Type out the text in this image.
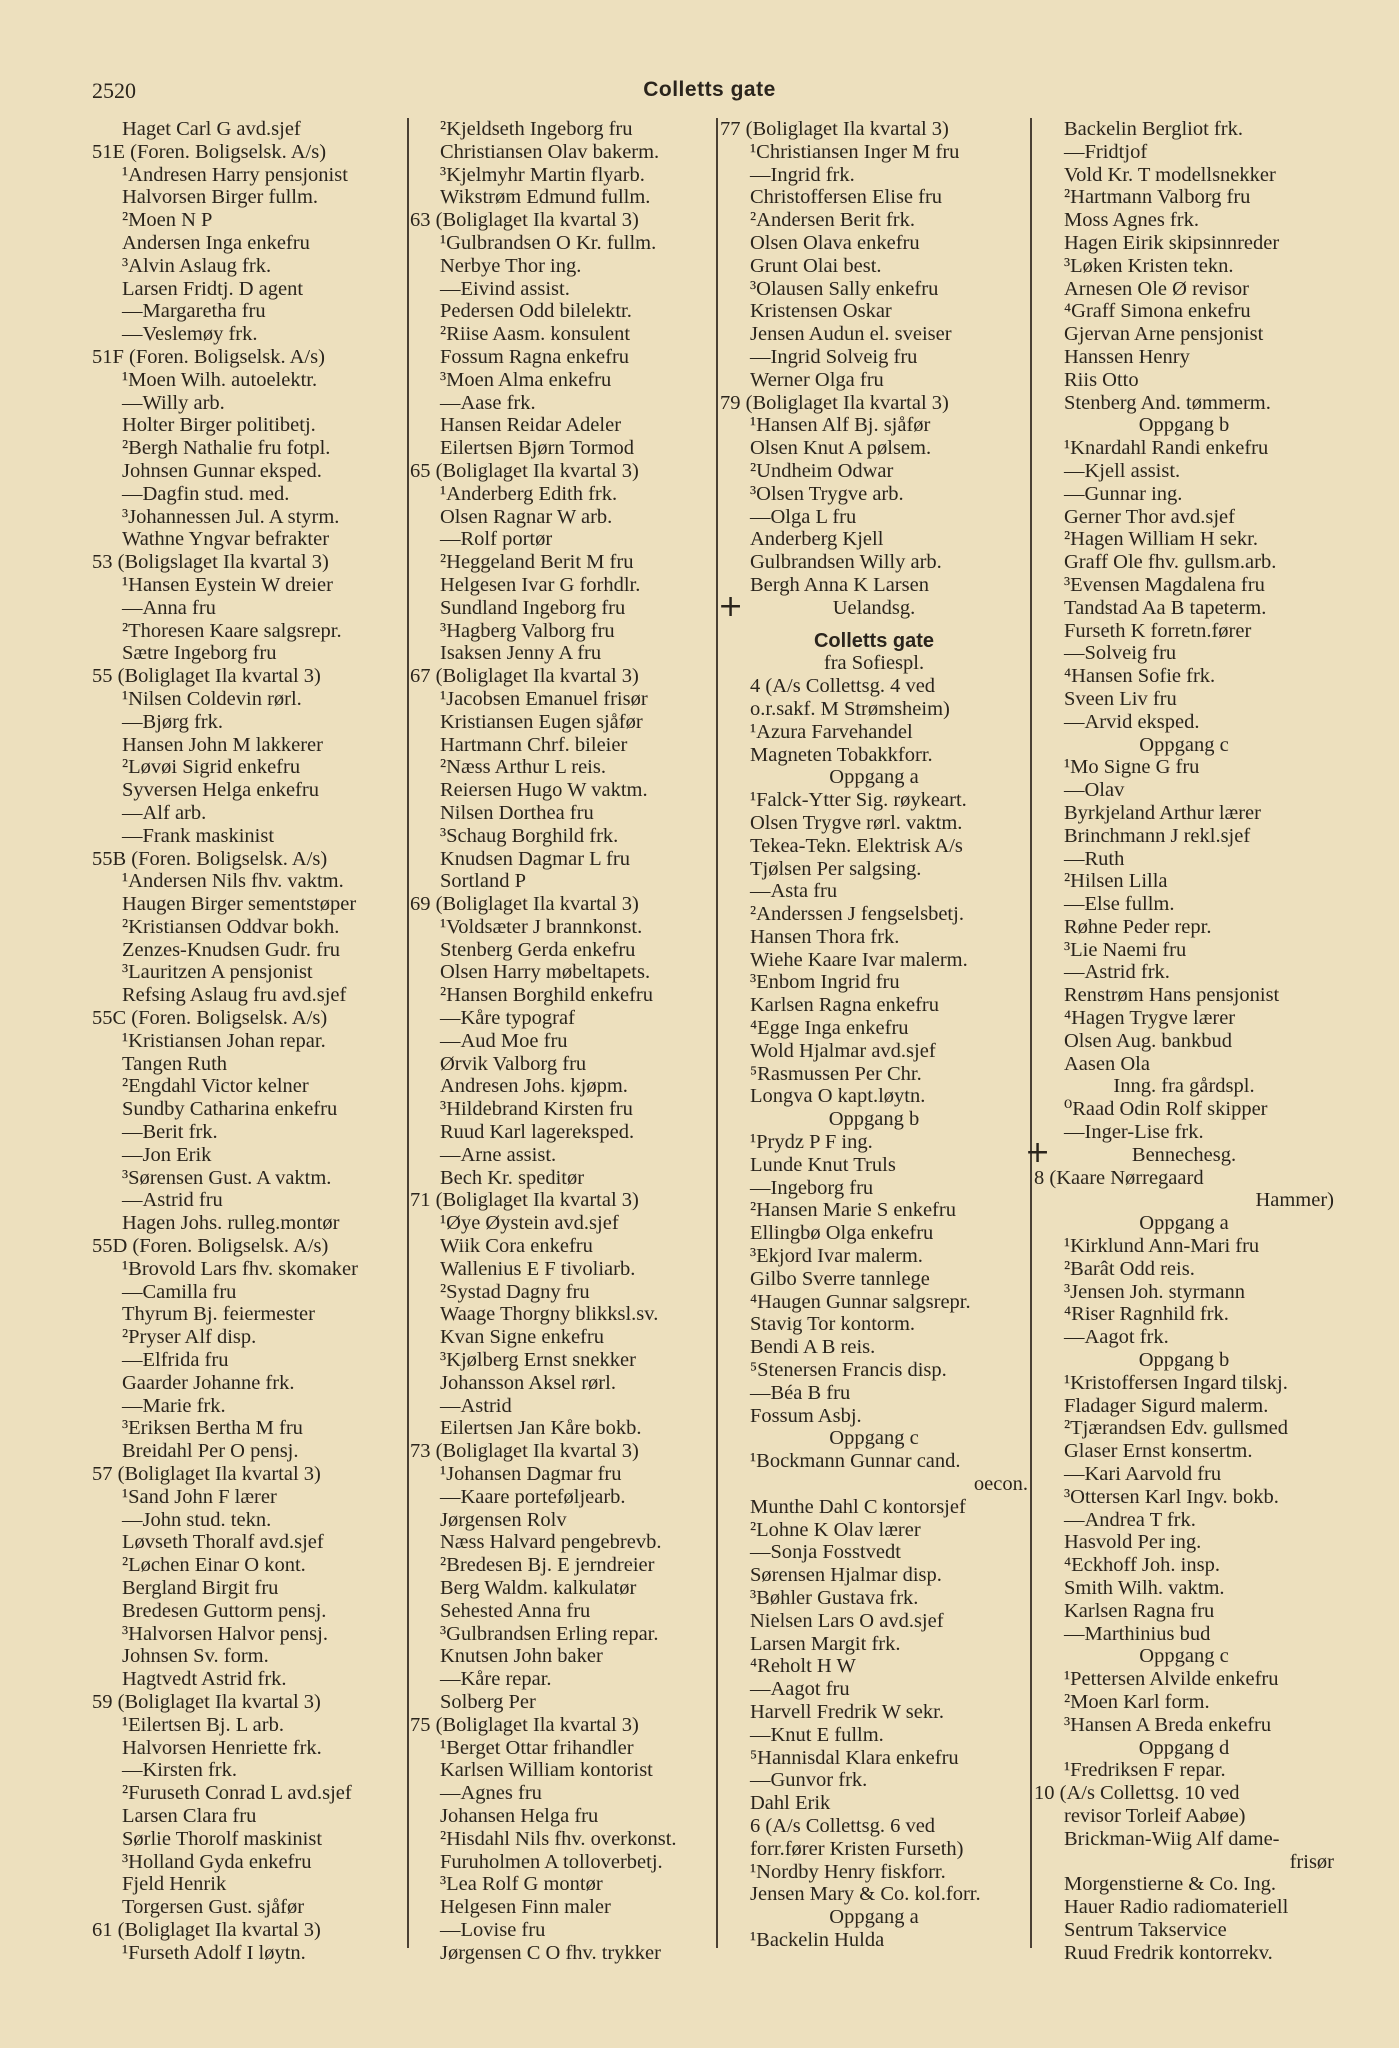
2520	Colletts gate
Haget Carl G avd.sjef
51E (Foren. Boligselsk. A/s)
¹Andresen Harry pensjonist
Halvorsen Birger fullm.
²Moen N P
Andersen Inga enkefru
³Alvin Aslaug frk.
Larsen Fridtj. D agent
—Margaretha fru
—Veslemøy frk.
51F (Foren. Boligselsk. A/s)
¹Moen Wilh. autoelektr.
—Willy arb.
Holter Birger politibetj.
²Bergh Nathalie fru fotpl.
Johnsen Gunnar eksped.
—Dagfin stud. med.
³Johannessen Jul. A styrm.
Wathne Yngvar befrakter
53 (Boligslaget Ila kvartal 3)
¹Hansen Eystein W dreier
—Anna fru
²Thoresen Kaare salgsrepr.
Sætre Ingeborg fru
55 (Boliglaget Ila kvartal 3)
¹Nilsen Coldevin rørl.
—Bjørg frk.
Hansen John M lakkerer
²Løvøi Sigrid enkefru
Syversen Helga enkefru
—Alf arb.
—Frank maskinist
55B (Foren. Boligselsk. A/s)
¹Andersen Nils fhv. vaktm.
Haugen Birger sementstøper
²Kristiansen Oddvar bokh.
Zenzes-Knudsen Gudr. fru
³Lauritzen A pensjonist
Refsing Aslaug fru avd.sjef
55C (Foren. Boligselsk. A/s)
¹Kristiansen Johan repar.
Tangen Ruth
²Engdahl Victor kelner
Sundby Catharina enkefru
—Berit frk.
—Jon Erik
³Sørensen Gust. A vaktm.
—Astrid fru
Hagen Johs. rulleg.montør
55D (Foren. Boligselsk. A/s)
¹Brovold Lars fhv. skomaker
—Camilla fru
Thyrum Bj. feiermester
²Pryser Alf disp.
—Elfrida fru
Gaarder Johanne frk.
—Marie frk.
³Eriksen Bertha M fru
Breidahl Per O pensj.
57 (Boliglaget Ila kvartal 3)
¹Sand John F lærer
—John stud. tekn.
Løvseth Thoralf avd.sjef
²Løchen Einar O kont.
Bergland Birgit fru
Bredesen Guttorm pensj.
³Halvorsen Halvor pensj.
Johnsen Sv. form.
Hagtvedt Astrid frk.
59 (Boliglaget Ila kvartal 3)
¹Eilertsen Bj. L arb.
Halvorsen Henriette frk.
—Kirsten frk.
²Furuseth Conrad L avd.sjef
Larsen Clara fru
Sørlie Thorolf maskinist
³Holland Gyda enkefru
Fjeld Henrik
Torgersen Gust. sjåfør
61 (Boliglaget Ila kvartal 3)
¹Furseth Adolf I løytn.
²Kjeldseth Ingeborg fru
Christiansen Olav bakerm.
³Kjelmyhr Martin flyarb.
Wikstrøm Edmund fullm.
63 (Boliglaget Ila kvartal 3)
¹Gulbrandsen O Kr. fullm.
Nerbye Thor ing.
—Eivind assist.
Pedersen Odd bilelektr.
²Riise Aasm. konsulent
Fossum Ragna enkefru
³Moen Alma enkefru
—Aase frk.
Hansen Reidar Adeler
Eilertsen Bjørn Tormod
65 (Boliglaget Ila kvartal 3)
¹Anderberg Edith frk.
Olsen Ragnar W arb.
—Rolf portør
²Heggeland Berit M fru
Helgesen Ivar G forhdlr.
Sundland Ingeborg fru
³Hagberg Valborg fru
Isaksen Jenny A fru
67 (Boliglaget Ila kvartal 3)
¹Jacobsen Emanuel frisør
Kristiansen Eugen sjåfør
Hartmann Chrf. bileier
²Næss Arthur L reis.
Reiersen Hugo W vaktm.
Nilsen Dorthea fru
³Schaug Borghild frk.
Knudsen Dagmar L fru
Sortland P
69 (Boliglaget Ila kvartal 3)
¹Voldsæter J brannkonst.
Stenberg Gerda enkefru
Olsen Harry møbeltapets.
²Hansen Borghild enkefru
—Kåre typograf
—Aud Moe fru
Ørvik Valborg fru
Andresen Johs. kjøpm.
³Hildebrand Kirsten fru
Ruud Karl lagereksped.
—Arne assist.
Bech Kr. speditør
71 (Boliglaget Ila kvartal 3)
¹Øye Øystein avd.sjef
Wiik Cora enkefru
Wallenius E F tivoliarb.
²Systad Dagny fru
Waage Thorgny blikksl.sv.
Kvan Signe enkefru
³Kjølberg Ernst snekker
Johansson Aksel rørl.
—Astrid
Eilertsen Jan Kåre bokb.
73 (Boliglaget Ila kvartal 3)
¹Johansen Dagmar fru
—Kaare porteføljearb.
Jørgensen Rolv
Næss Halvard pengebrevb.
²Bredesen Bj. E jerndreier
Berg Waldm. kalkulatør
Sehested Anna fru
³Gulbrandsen Erling repar.
Knutsen John baker
—Kåre repar.
Solberg Per
75 (Boliglaget Ila kvartal 3)
¹Berget Ottar frihandler
Karlsen William kontorist
—Agnes fru
Johansen Helga fru
²Hisdahl Nils fhv. overkonst.
Furuholmen A tolloverbetj.
³Lea Rolf G montør
Helgesen Finn maler
—Lovise fru
Jørgensen C O fhv. trykker
77 (Boliglaget Ila kvartal 3)
¹Christiansen Inger M fru
—Ingrid frk.
Christoffersen Elise fru
²Andersen Berit frk.
Olsen Olava enkefru
Grunt Olai best.
³Olausen Sally enkefru
Kristensen Oskar
Jensen Audun el. sveiser
—Ingrid Solveig fru
Werner Olga fru
79 (Boliglaget Ila kvartal 3)
¹Hansen Alf Bj. sjåfør
Olsen Knut A pølsem.
²Undheim Odwar
³Olsen Trygve arb.
—Olga L fru
Anderberg Kjell
Gulbrandsen Willy arb.
Bergh Anna K Larsen
Uelandsg.
Colletts gate
fra Sofiespl.
4 (A/s Collettsg. 4 ved
o.r.sakf. M Strømsheim)
¹Azura Farvehandel
Magneten Tobakkforr.
Oppgang a
¹Falck-Ytter Sig. røykeart.
Olsen Trygve rørl. vaktm.
Tekea-Tekn. Elektrisk A/s
Tjølsen Per salgsing.
—Asta fru
²Anderssen J fengselsbetj.
Hansen Thora frk.
Wiehe Kaare Ivar malerm.
³Enbom Ingrid fru
Karlsen Ragna enkefru
⁴Egge Inga enkefru
Wold Hjalmar avd.sjef
⁵Rasmussen Per Chr.
Longva O kapt.løytn.
Oppgang b
¹Prydz P F ing.
Lunde Knut Truls
—Ingeborg fru
²Hansen Marie S enkefru
Ellingbø Olga enkefru
³Ekjord Ivar malerm.
Gilbo Sverre tannlege
⁴Haugen Gunnar salgsrepr.
Stavig Tor kontorm.
Bendi A B reis.
⁵Stenersen Francis disp.
—Béa B fru
Fossum Asbj.
Oppgang c
¹Bockmann Gunnar cand.
oecon.
Munthe Dahl C kontorsjef
²Lohne K Olav lærer
—Sonja Fosstvedt
Sørensen Hjalmar disp.
³Bøhler Gustava frk.
Nielsen Lars O avd.sjef
Larsen Margit frk.
⁴Reholt H W
—Aagot fru
Harvell Fredrik W sekr.
—Knut E fullm.
⁵Hannisdal Klara enkefru
—Gunvor frk.
Dahl Erik
6 (A/s Collettsg. 6 ved
forr.fører Kristen Furseth)
¹Nordby Henry fiskforr.
Jensen Mary & Co. kol.forr.
Oppgang a
¹Backelin Hulda
Backelin Bergliot frk.
—Fridtjof
Vold Kr. T modellsnekker
²Hartmann Valborg fru
Moss Agnes frk.
Hagen Eirik skipsinnreder
³Løken Kristen tekn.
Arnesen Ole Ø revisor
⁴Graff Simona enkefru
Gjervan Arne pensjonist
Hanssen Henry
Riis Otto
Stenberg And. tømmerm.
Oppgang b
¹Knardahl Randi enkefru
—Kjell assist.
—Gunnar ing.
Gerner Thor avd.sjef
²Hagen William H sekr.
Graff Ole fhv. gullsm.arb.
³Evensen Magdalena fru
Tandstad Aa B tapeterm.
Furseth K forretn.fører
—Solveig fru
⁴Hansen Sofie frk.
Sveen Liv fru
—Arvid eksped.
Oppgang c
¹Mo Signe G fru
—Olav
Byrkjeland Arthur lærer
Brinchmann J rekl.sjef
—Ruth
²Hilsen Lilla
—Else fullm.
Røhne Peder repr.
³Lie Naemi fru
—Astrid frk.
Renstrøm Hans pensjonist
⁴Hagen Trygve lærer
Olsen Aug. bankbud
Aasen Ola
Inng. fra gårdspl.
⁰Raad Odin Rolf skipper
—Inger-Lise frk.
Bennechesg.
8 (Kaare Nørregaard
Hammer)
Oppgang a
¹Kirklund Ann-Mari fru
²Barât Odd reis.
³Jensen Joh. styrmann
⁴Riser Ragnhild frk.
—Aagot frk.
Oppgang b
¹Kristoffersen Ingard tilskj.
Fladager Sigurd malerm.
²Tjærandsen Edv. gullsmed
Glaser Ernst konsertm.
—Kari Aarvold fru
³Ottersen Karl Ingv. bokb.
—Andrea T frk.
Hasvold Per ing.
⁴Eckhoff Joh. insp.
Smith Wilh. vaktm.
Karlsen Ragna fru
—Marthinius bud
Oppgang c
¹Pettersen Alvilde enkefru
²Moen Karl form.
³Hansen A Breda enkefru
Oppgang d
¹Fredriksen F repar.
10 (A/s Collettsg. 10 ved
revisor Torleif Aabøe)
Brickman-Wiig Alf dame-
frisør
Morgenstierne & Co. Ing.
Hauer Radio radiomateriell
Sentrum Takservice
Ruud Fredrik kontorrekv.
+
+
